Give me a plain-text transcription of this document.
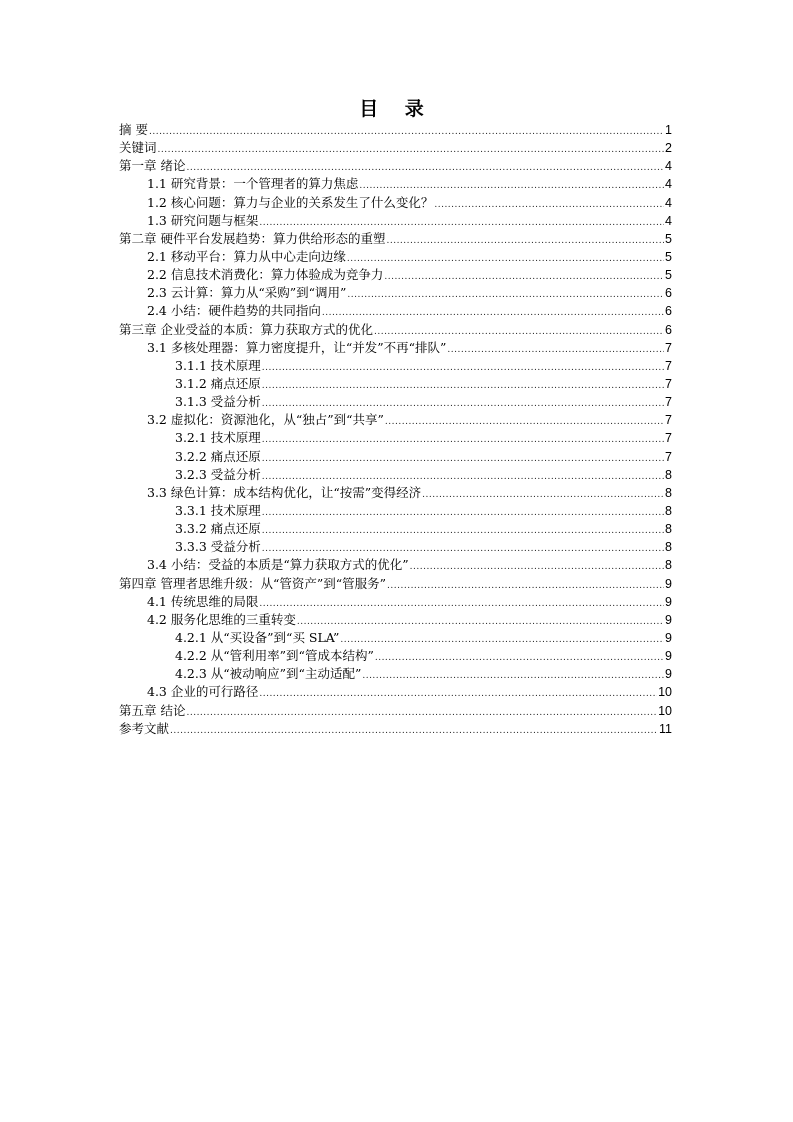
目 录
摘 要 .....	1
关键词 .....	2
第一章 绪论 .....	4
1.1 研究背景：一个管理者的算力焦虑 .....	4
1.2 核心问题：算力与企业的关系发生了什么变化？ .....	4
1.3 研究问题与框架 .....	4
第二章 硬件平台发展趋势：算力供给形态的重塑 .....	5
2.1 移动平台：算力从中心走向边缘 .....	5
2.2 信息技术消费化：算力体验成为竞争力 .....	5
2.3 云计算：算力从“采购”到“调用” .....	6
2.4 小结：硬件趋势的共同指向 .....	6
第三章 企业受益的本质：算力获取方式的优化 .....	6
3.1 多核处理器：算力密度提升，让“并发”不再“排队” .....	7
3.1.1 技术原理 .....	7
3.1.2 痛点还原 .....	7
3.1.3 受益分析 .....	7
3.2 虚拟化：资源池化，从“独占”到“共享” .....	7
3.2.1 技术原理 .....	7
3.2.2 痛点还原 .....	7
3.2.3 受益分析 .....	8
3.3 绿色计算：成本结构优化，让“按需”变得经济 .....	8
3.3.1 技术原理 .....	8
3.3.2 痛点还原 .....	8
3.3.3 受益分析 .....	8
3.4 小结：受益的本质是“算力获取方式的优化” .....	8
第四章 管理者思维升级：从“管资产”到“管服务” .....	9
4.1 传统思维的局限 .....	9
4.2 服务化思维的三重转变 .....	9
4.2.1 从“买设备”到“买 SLA” .....	9
4.2.2 从“管利用率”到“管成本结构” .....	9
4.2.3 从“被动响应”到“主动适配” .....	9
4.3 企业的可行路径 .....	10
第五章 结论 .....	10
参考文献 .....	11
